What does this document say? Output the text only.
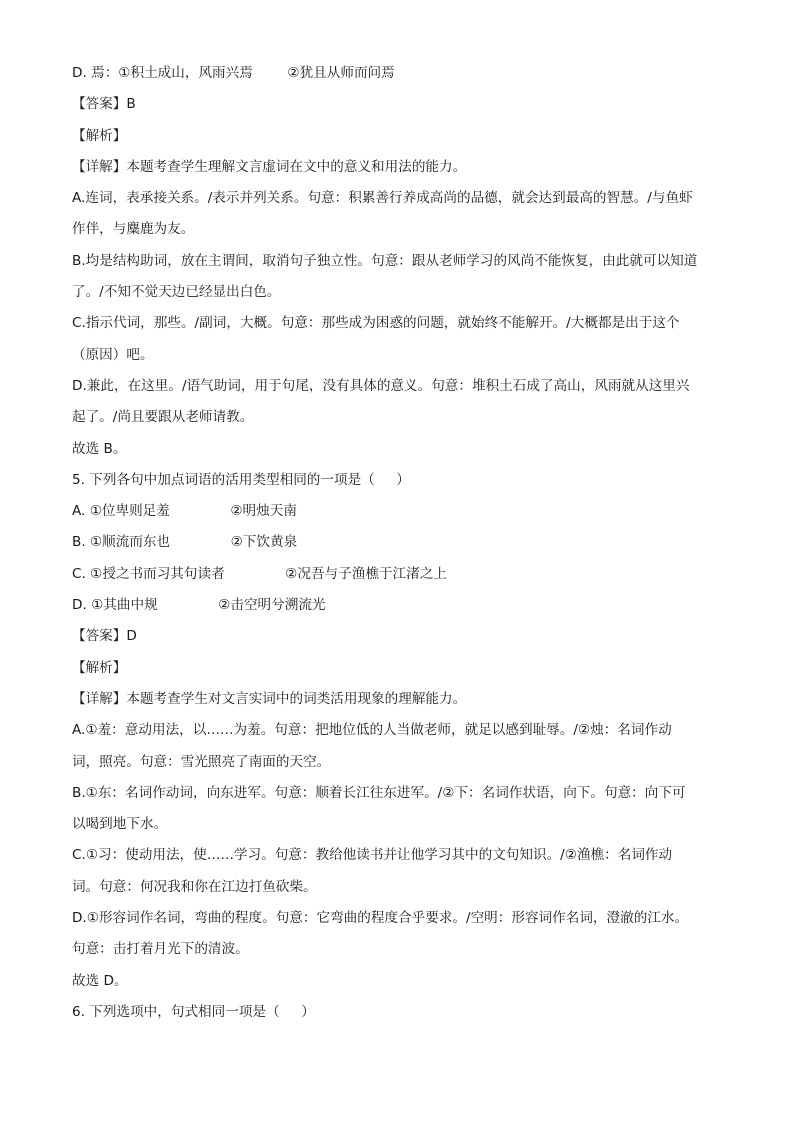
D. 焉：①积土成山，风雨兴焉        ②犹且从师而问焉
【答案】B
【解析】
【详解】本题考查学生理解文言虚词在文中的意义和用法的能力。
A.连词，表承接关系。/表示并列关系。句意：积累善行养成高尚的品德，就会达到最高的智慧。/与鱼虾
作伴，与麋鹿为友。
B.均是结构助词，放在主谓间，取消句子独立性。句意：跟从老师学习的风尚不能恢复，由此就可以知道
了。/不知不觉天边已经显出白色。
C.指示代词，那些。/副词，大概。句意：那些成为困惑的问题，就始终不能解开。/大概都是出于这个
（原因）吧。
D.兼此，在这里。/语气助词，用于句尾，没有具体的意义。句意：堆积土石成了高山，风雨就从这里兴
起了。/尚且要跟从老师请教。
故选 B。
5. 下列各句中加点词语的活用类型相同的一项是（     ）
A. ①位卑则足羞              ②明烛天南
B. ①顺流而东也              ②下饮黄泉
C. ①授之书而习其句读者              ②况吾与子渔樵于江渚之上
D. ①其曲中规              ②击空明兮溯流光
【答案】D
【解析】
【详解】本题考查学生对文言实词中的词类活用现象的理解能力。
A.①羞：意动用法，以……为羞。句意：把地位低的人当做老师，就足以感到耻辱。/②烛：名词作动
词，照亮。句意：雪光照亮了南面的天空。
B.①东：名词作动词，向东进军。句意：顺着长江往东进军。/②下：名词作状语，向下。句意：向下可
以喝到地下水。
C.①习：使动用法，使……学习。句意：教给他读书并让他学习其中的文句知识。/②渔樵：名词作动
词。句意：何况我和你在江边打鱼砍柴。
D.①形容词作名词，弯曲的程度。句意：它弯曲的程度合乎要求。/空明：形容词作名词，澄澈的江水。
句意：击打着月光下的清波。
故选 D。
6. 下列选项中，句式相同一项是（     ）
